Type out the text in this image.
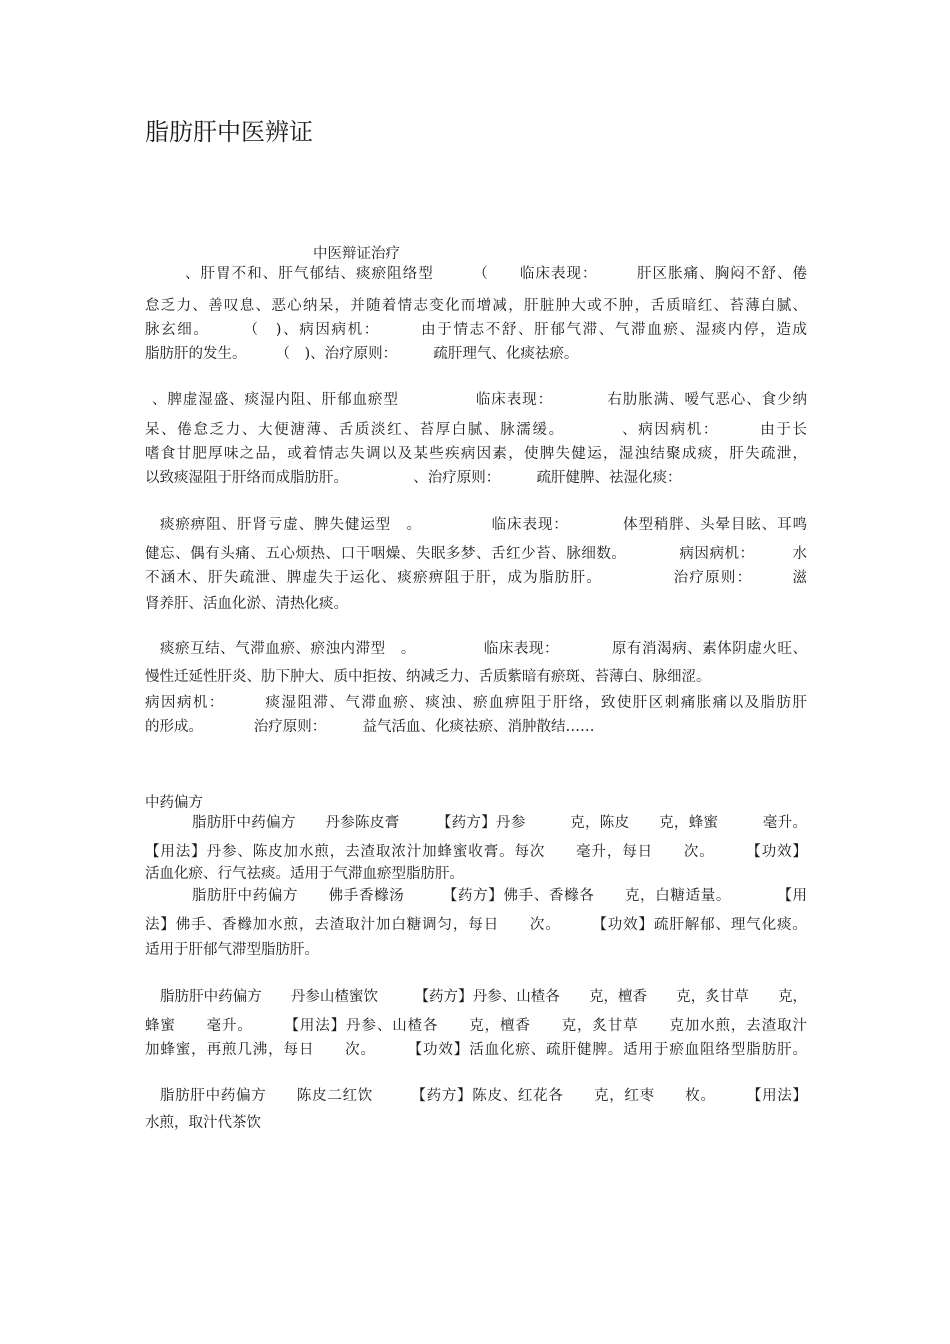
脂肪肝中医辨证
中医辩证治疗
、肝胃不和、肝气郁结、痰瘀阻络型　　　（　　临床表现：　　　肝区胀痛、胸闷不舒、倦
怠乏力、善叹息、恶心纳呆，并随着情志变化而增减，肝脏肿大或不肿，舌质暗红、苔薄白腻、
脉玄细。　　　（　)、病因病机：　　　由于情志不舒、肝郁气滞、气滞血瘀、湿痰内停，造成
脂肪肝的发生。　　　（　)、治疗原则：　　　疏肝理气、化痰祛瘀。
、脾虚湿盛、痰湿内阻、肝郁血瘀型　　　　　临床表现：　　　　右肋胀满、嗳气恶心、食少纳
呆、倦怠乏力、大便溏薄、舌质淡红、苔厚白腻、脉濡缓。　　　　、病因病机：　　　由于长
嗜食甘肥厚味之品，或着情志失调以及某些疾病因素，使脾失健运，湿浊结聚成痰，肝失疏泄，
以致痰湿阻于肝络而成脂肪肝。　　　　　、治疗原则：　　　疏肝健脾、祛湿化痰：
痰瘀痹阻、肝肾亏虚、脾失健运型　。　　　　　临床表现：　　　　体型稍胖、头晕目眩、耳鸣
健忘、偶有头痛、五心烦热、口干咽燥、失眠多梦、舌红少苔、脉细数。　　　　病因病机：　　　水
不涵木、肝失疏泄、脾虚失于运化、痰瘀痹阻于肝，成为脂肪肝。　　　　　治疗原则：　　　滋
肾养肝、活血化淤、清热化痰。
痰瘀互结、气滞血瘀、瘀浊内滞型　。　　　　　临床表现：　　　　原有消渴病、素体阴虚火旺、
慢性迁延性肝炎、肋下肿大、质中拒按、纳减乏力、舌质紫暗有瘀斑、苔薄白、脉细涩。
病因病机：　　　痰湿阻滞、气滞血瘀、痰浊、瘀血痹阻于肝络，致使肝区刺痛胀痛以及脂肪肝
的形成。　　　　治疗原则：　　　益气活血、化痰祛瘀、消肿散结……
中药偏方
脂肪肝中药偏方　　丹参陈皮膏　　　【药方】丹参　　　克，陈皮　　克，蜂蜜　　　毫升。
【用法】丹参、陈皮加水煎，去渣取浓汁加蜂蜜收膏。每次　　毫升，每日　　次。　　　【功效】
活血化瘀、行气祛痰。适用于气滞血瘀型脂肪肝。
脂肪肝中药偏方　　佛手香橼汤　　　【药方】佛手、香橼各　　克，白糖适量。　　　　【用
法】佛手、香橼加水煎，去渣取汁加白糖调匀，每日　　次。　　　【功效】疏肝解郁、理气化痰。
适用于肝郁气滞型脂肪肝。
脂肪肝中药偏方　　丹参山楂蜜饮　　　【药方】丹参、山楂各　　克，檀香　　克，炙甘草　　克，
蜂蜜　　毫升。　　　【用法】丹参、山楂各　　克，檀香　　克，炙甘草　　克加水煎，去渣取汁
加蜂蜜，再煎几沸，每日　　次。　　　【功效】活血化瘀、疏肝健脾。适用于瘀血阻络型脂肪肝。
脂肪肝中药偏方　　陈皮二红饮　　　【药方】陈皮、红花各　　克，红枣　　枚。　　　【用法】
水煎，取汁代茶饮
